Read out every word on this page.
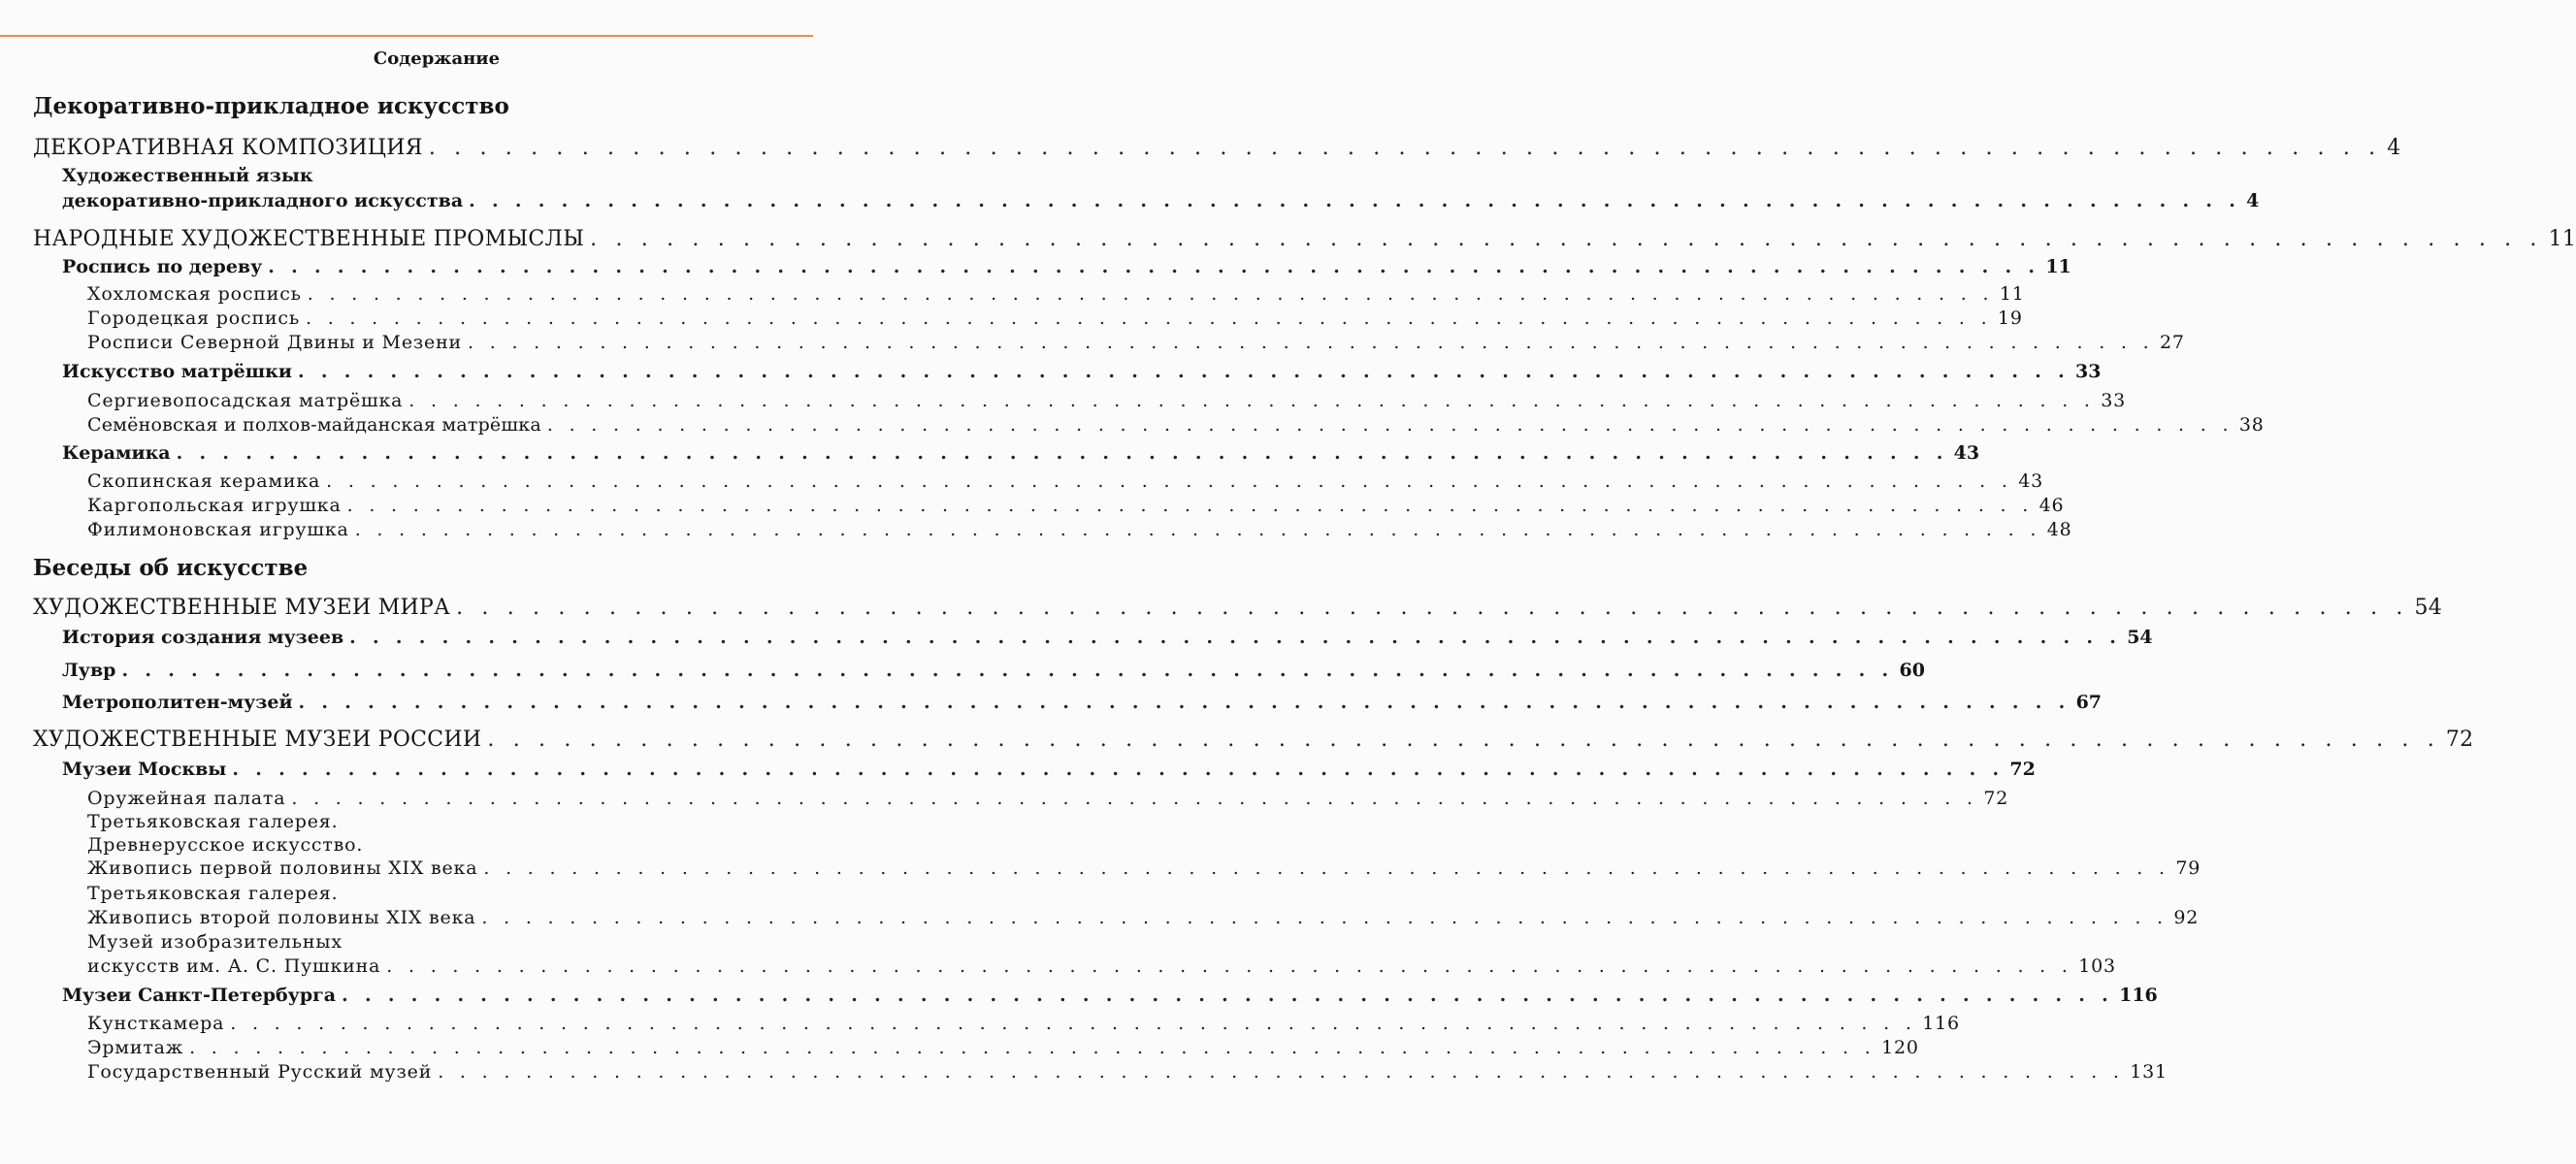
Содержание
Декоративно-прикладное искусство
ДЕКОРАТИВНАЯ КОМПОЗИЦИЯ . . . . . . . . . . . . . . . . . . . . . . . . . . . . . . . . . . . . . . . . . . . . . . . . . . . . . . . . . . . . . . . . . . . . . . . . . . . . . 4
Художественный язык
декоративно-прикладного искусства . . . . . . . . . . . . . . . . . . . . . . . . . . . . . . . . . . . . . . . . . . . . . . . . . . . . . . . . . . . . . . . . . . . . . . . . . . . . . 4
НАРОДНЫЕ ХУДОЖЕСТВЕННЫЕ ПРОМЫСЛЫ . . . . . . . . . . . . . . . . . . . . . . . . . . . . . . . . . . . . . . . . . . . . . . . . . . . . . . . . . . . . . . . . . . . . . . . . . . . . . 11
Роспись по дереву . . . . . . . . . . . . . . . . . . . . . . . . . . . . . . . . . . . . . . . . . . . . . . . . . . . . . . . . . . . . . . . . . . . . . . . . . . . . . 11
Хохломская роспись . . . . . . . . . . . . . . . . . . . . . . . . . . . . . . . . . . . . . . . . . . . . . . . . . . . . . . . . . . . . . . . . . . . . . . . . . . . . . 11
Городецкая роспись . . . . . . . . . . . . . . . . . . . . . . . . . . . . . . . . . . . . . . . . . . . . . . . . . . . . . . . . . . . . . . . . . . . . . . . . . . . . . 19
Росписи Северной Двины и Мезени . . . . . . . . . . . . . . . . . . . . . . . . . . . . . . . . . . . . . . . . . . . . . . . . . . . . . . . . . . . . . . . . . . . . . . . . . . . . . 27
Искусство матрёшки . . . . . . . . . . . . . . . . . . . . . . . . . . . . . . . . . . . . . . . . . . . . . . . . . . . . . . . . . . . . . . . . . . . . . . . . . . . . . 33
Сергиевопосадская матрёшка . . . . . . . . . . . . . . . . . . . . . . . . . . . . . . . . . . . . . . . . . . . . . . . . . . . . . . . . . . . . . . . . . . . . . . . . . . . . . 33
Семёновская и полхов-майданская матрёшка . . . . . . . . . . . . . . . . . . . . . . . . . . . . . . . . . . . . . . . . . . . . . . . . . . . . . . . . . . . . . . . . . . . . . . . . . . . . . 38
Керамика . . . . . . . . . . . . . . . . . . . . . . . . . . . . . . . . . . . . . . . . . . . . . . . . . . . . . . . . . . . . . . . . . . . . . . . . . . . . . 43
Скопинская керамика . . . . . . . . . . . . . . . . . . . . . . . . . . . . . . . . . . . . . . . . . . . . . . . . . . . . . . . . . . . . . . . . . . . . . . . . . . . . . 43
Каргопольская игрушка . . . . . . . . . . . . . . . . . . . . . . . . . . . . . . . . . . . . . . . . . . . . . . . . . . . . . . . . . . . . . . . . . . . . . . . . . . . . . 46
Филимоновская игрушка . . . . . . . . . . . . . . . . . . . . . . . . . . . . . . . . . . . . . . . . . . . . . . . . . . . . . . . . . . . . . . . . . . . . . . . . . . . . . 48
Беседы об искусстве
ХУДОЖЕСТВЕННЫЕ МУЗЕИ МИРА . . . . . . . . . . . . . . . . . . . . . . . . . . . . . . . . . . . . . . . . . . . . . . . . . . . . . . . . . . . . . . . . . . . . . . . . . . . . . 54
История создания музеев . . . . . . . . . . . . . . . . . . . . . . . . . . . . . . . . . . . . . . . . . . . . . . . . . . . . . . . . . . . . . . . . . . . . . . . . . . . . . 54
Лувр . . . . . . . . . . . . . . . . . . . . . . . . . . . . . . . . . . . . . . . . . . . . . . . . . . . . . . . . . . . . . . . . . . . . . . . . . . . . . 60
Метрополитен-музей . . . . . . . . . . . . . . . . . . . . . . . . . . . . . . . . . . . . . . . . . . . . . . . . . . . . . . . . . . . . . . . . . . . . . . . . . . . . . 67
ХУДОЖЕСТВЕННЫЕ МУЗЕИ РОССИИ . . . . . . . . . . . . . . . . . . . . . . . . . . . . . . . . . . . . . . . . . . . . . . . . . . . . . . . . . . . . . . . . . . . . . . . . . . . . . 72
Музеи Москвы . . . . . . . . . . . . . . . . . . . . . . . . . . . . . . . . . . . . . . . . . . . . . . . . . . . . . . . . . . . . . . . . . . . . . . . . . . . . . 72
Оружейная палата . . . . . . . . . . . . . . . . . . . . . . . . . . . . . . . . . . . . . . . . . . . . . . . . . . . . . . . . . . . . . . . . . . . . . . . . . . . . . 72
Третьяковская галерея.
Древнерусское искусство.
Живопись первой половины XIX века . . . . . . . . . . . . . . . . . . . . . . . . . . . . . . . . . . . . . . . . . . . . . . . . . . . . . . . . . . . . . . . . . . . . . . . . . . . . . 79
Третьяковская галерея.
Живопись второй половины XIX века . . . . . . . . . . . . . . . . . . . . . . . . . . . . . . . . . . . . . . . . . . . . . . . . . . . . . . . . . . . . . . . . . . . . . . . . . . . . . 92
Музей изобразительных
искусств им. А. С. Пушкина . . . . . . . . . . . . . . . . . . . . . . . . . . . . . . . . . . . . . . . . . . . . . . . . . . . . . . . . . . . . . . . . . . . . . . . . . . . . . 103
Музеи Санкт-Петербурга . . . . . . . . . . . . . . . . . . . . . . . . . . . . . . . . . . . . . . . . . . . . . . . . . . . . . . . . . . . . . . . . . . . . . . . . . . . . . 116
Кунсткамера . . . . . . . . . . . . . . . . . . . . . . . . . . . . . . . . . . . . . . . . . . . . . . . . . . . . . . . . . . . . . . . . . . . . . . . . . . . . . 116
Эрмитаж . . . . . . . . . . . . . . . . . . . . . . . . . . . . . . . . . . . . . . . . . . . . . . . . . . . . . . . . . . . . . . . . . . . . . . . . . . . . . 120
Государственный Русский музей . . . . . . . . . . . . . . . . . . . . . . . . . . . . . . . . . . . . . . . . . . . . . . . . . . . . . . . . . . . . . . . . . . . . . . . . . . . . . 131
